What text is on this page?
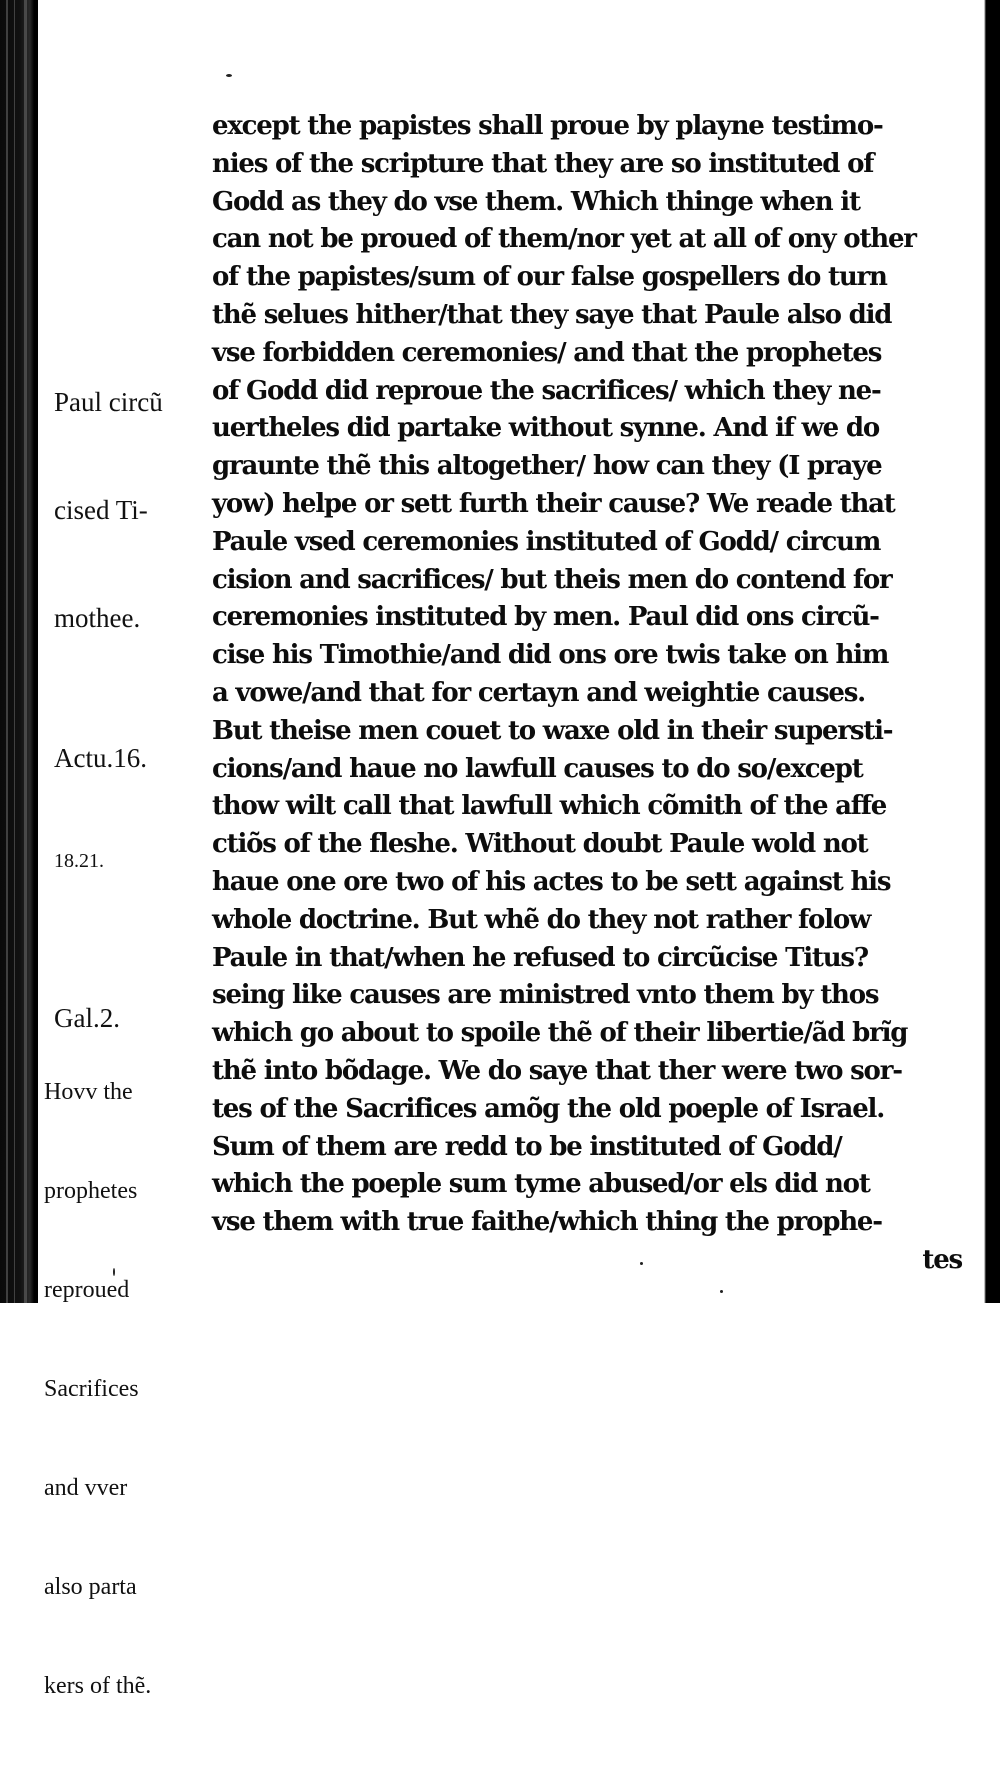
Paul circũ

cised Ti-

mothee.

Actu.16.

18.21.

Gal.2.

Hovv the

prophetes

reproued

Sacrifices

and vver

also parta

kers of thẽ.

except the papistes shall proue by playne testimo-
nies of the scripture that they are so instituted of
Godd as they do vse them. Which thinge when it
can not be proued of them/nor yet at all of ony other
of the papistes/sum of our false gospellers do turn
thẽ selues hither/that they saye that Paule also did
vse forbidden ceremonies/ and that the prophetes
of Godd did reproue the sacrifices/ which they ne-
uertheles did partake without synne. And if we do
graunte thẽ this altogether/ how can they (I praye
yow) helpe or sett furth their cause? We reade that
Paule vsed ceremonies instituted of Godd/ circum
cision and sacrifices/ but theis men do contend for
ceremonies instituted by men. Paul did ons circũ-
cise his Timothie/and did ons ore twis take on him
a vowe/and that for certayn and weightie causes.
But theise men couet to waxe old in their supersti-
cions/and haue no lawfull causes to do so/except
thow wilt call that lawfull which cõmith of the affe
ctiõs of the fleshe. Without doubt Paule wold not
haue one ore two of his actes to be sett against his
whole doctrine. But whẽ do they not rather folow
Paule in that/when he refused to circũcise Titus?
seing like causes are ministred vnto them by thos
which go about to spoile thẽ of their libertie/ãd brĩg
thẽ into bõdage. We do saye that ther were two sor-
tes of the Sacrifices amõg the old poeple of Israel.
Sum of them are redd to be instituted of Godd/
which the poeple sum tyme abused/or els did not
vse them with true faithe/which thing the prophe-
tes
